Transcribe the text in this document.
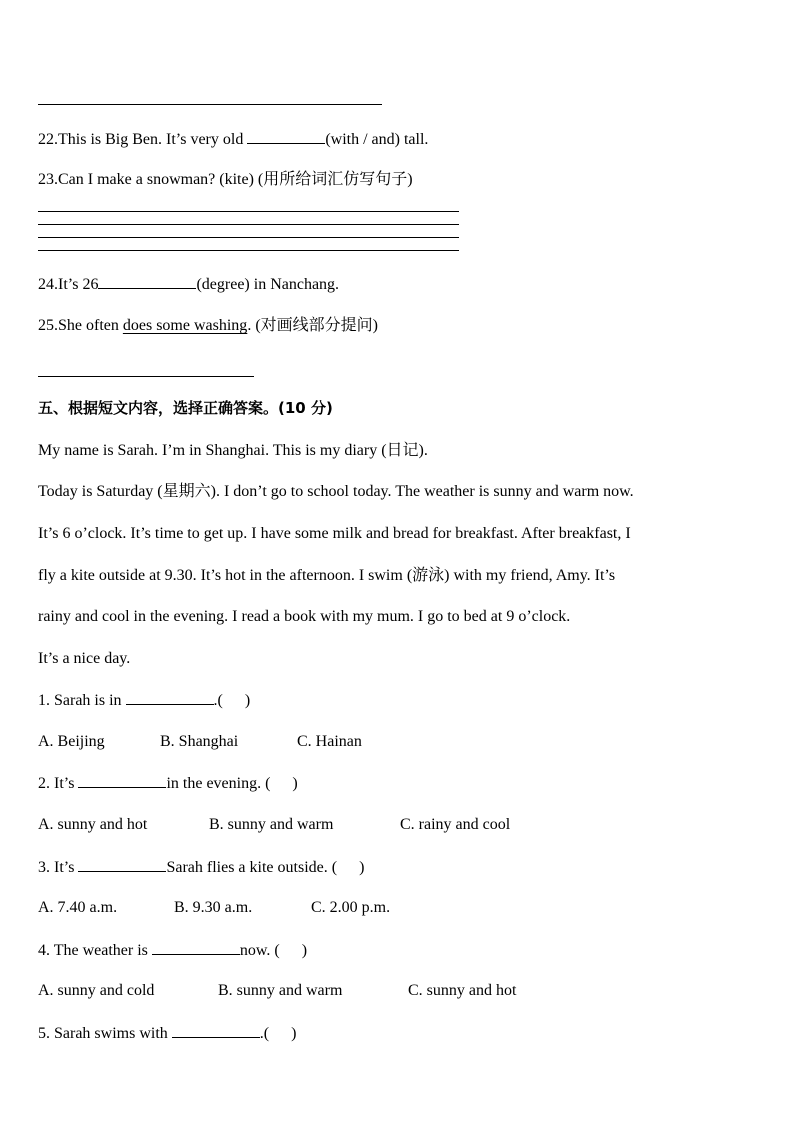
22.This is Big Ben. It’s very old	(with / and) tall.
23.Can I make a snowman? (kite) (用所给词汇仿写句子)
24.It’s 26	(degree) in Nanchang.
25.She often does some washing. (对画线部分提问)
五、根据短文内容，选择正确答案。(10 分)
My name is Sarah. I’m in Shanghai. This is my diary (日记).
Today is Saturday (星期六). I don’t go to school today. The weather is sunny and warm now.
It’s 6 o’clock. It’s time to get up. I have some milk and bread for breakfast. After breakfast, I
fly a kite outside at 9.30. It’s hot in the afternoon. I swim (游泳) with my friend, Amy. It’s
rainy and cool in the evening. I read a book with my mum. I go to bed at 9 o’clock.
It’s a nice day.
1. Sarah is in	.( )
A. Beijing	B. Shanghai	C. Hainan
2. It’s	in the evening. ( )
A. sunny and hot	B. sunny and warm	C. rainy and cool
3. It’s	Sarah flies a kite outside. ( )
A. 7.40 a.m.	B. 9.30 a.m.	C. 2.00 p.m.
4. The weather is	now. ( )
A. sunny and cold	B. sunny and warm	C. sunny and hot
5. Sarah swims with	.( )
